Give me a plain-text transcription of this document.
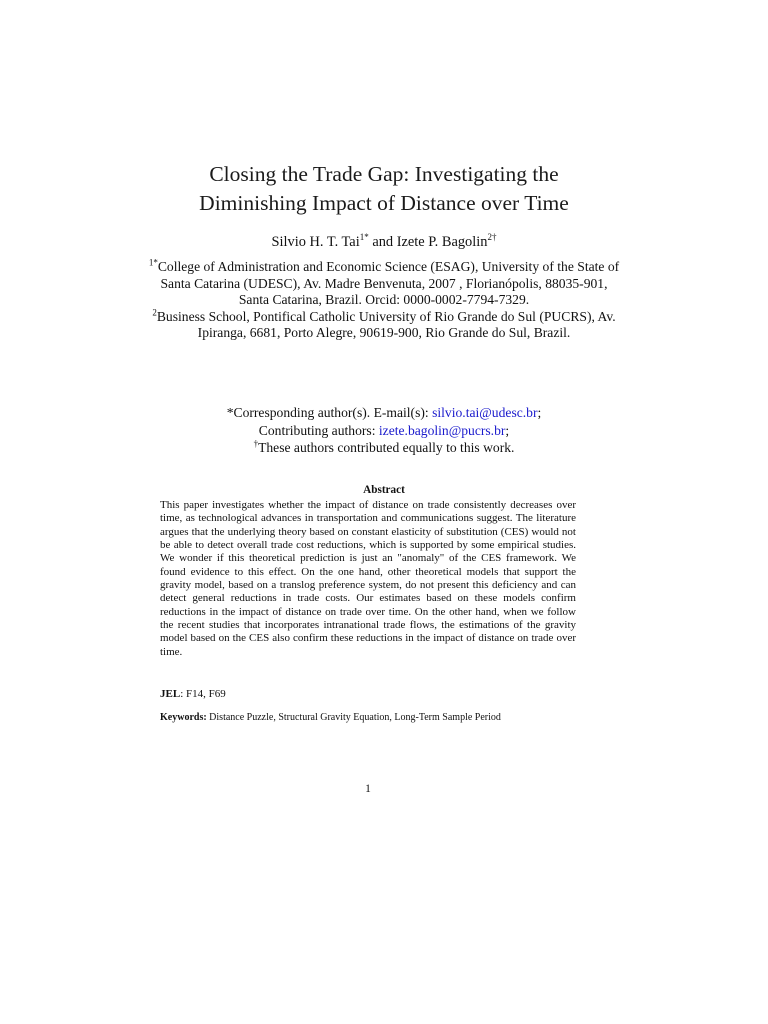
Closing the Trade Gap: Investigating the
Diminishing Impact of Distance over Time
Silvio H. T. Tai$^{1*}$ and Izete P. Bagolin$^{2\dagger}$

$^{1*}$College of Administration and Economic Science (ESAG), University of the State of Santa Catarina (UDESC), Av. Madre Benvenuta, 2007 , Florianópolis, 88035-901, Santa Catarina, Brazil. Orcid: 0000-0002-7794-7329.

$^2$Business School, Pontifical Catholic University of Rio Grande do Sul (PUCRS), Av. Ipiranga, 6681, Porto Alegre, 90619-900, Rio Grande do Sul, Brazil.

*Corresponding author(s). E-mail(s): silvio.tai@udesc.br;

Contributing authors: izete.bagolin@pucrs.br;

†These authors contributed equally to this work.

Abstract
This paper investigates whether the impact of distance on trade consistently decreases over time, as technological advances in transportation and communications suggest. The literature argues that the underlying theory based on constant elasticity of substitution (CES) would not be able to detect overall trade cost reductions, which is supported by some empirical studies. We wonder if this theoretical prediction is just an "anomaly" of the CES framework. We found evidence to this effect. On the one hand, other theoretical models that support the gravity model, based on a translog preference system, do not present this deficiency and can detect general reductions in trade costs. Our estimates based on these models confirm reductions in the impact of distance on trade over time. On the other hand, when we follow the recent studies that incorporates intranational trade flows, the estimations of the gravity model based on the CES also confirm these reductions in the impact of distance on trade over time.
JEL: F14, F69
Keywords: Distance Puzzle, Structural Gravity Equation, Long-Term Sample Period
1
